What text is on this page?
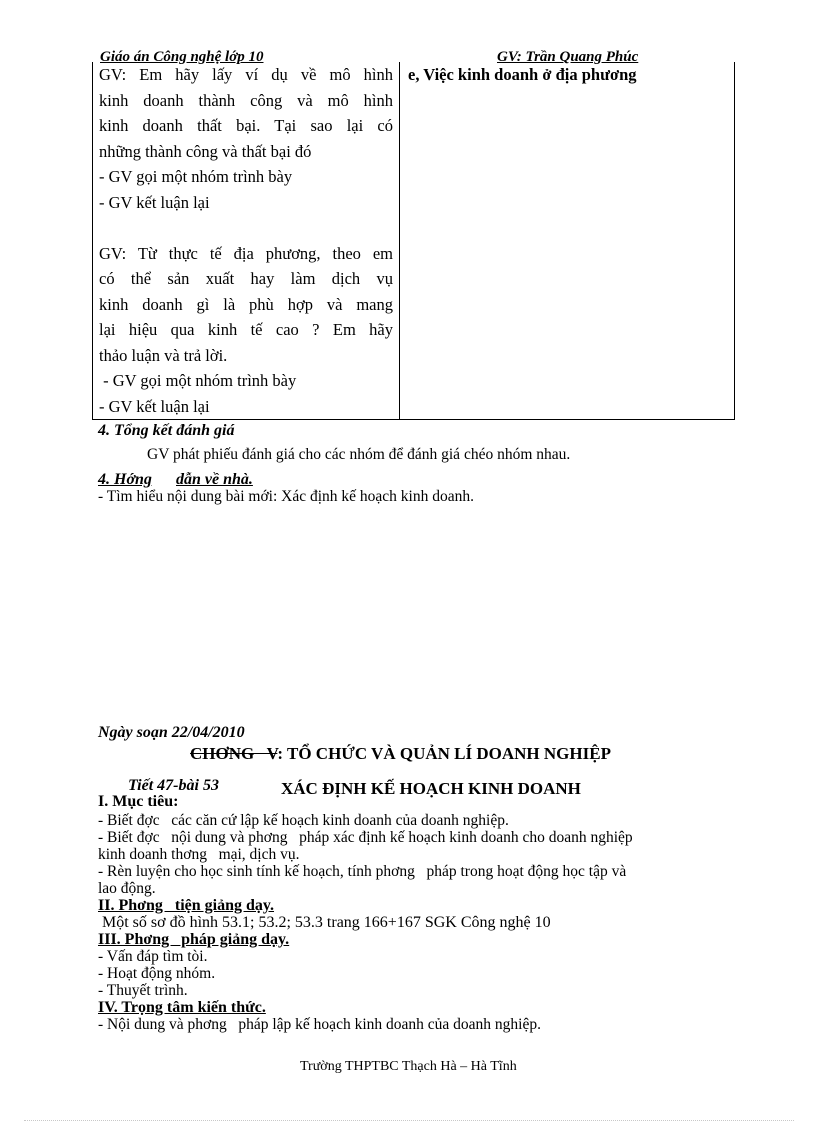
Giáo án Công nghệ lớp 10	GV: Trần Quang Phúc
GV: Em hãy lấy ví dụ về mô hình
kinh doanh thành công và mô hình
kinh doanh thất bại. Tại sao lại có
những thành công và thất bại đó
- GV gọi một nhóm trình bày
- GV kết luận lại
GV: Từ thực tế địa phương, theo em
có thể sản xuất hay làm dịch vụ
kinh doanh gì là phù hợp và mang
lại hiệu qua kinh tế cao ? Em hãy
thảo luận và trả lời.
- GV gọi một nhóm trình bày
- GV kết luận lại

e, Việc kinh doanh ở địa phương
4. Tổng kết đánh giá
GV phát phiếu đánh giá cho các nhóm để đánh giá chéo nhóm nhau.
4. Hớng dẫn về nhà.
- Tìm hiểu nội dung bài mới: Xác định kế hoạch kinh doanh.
Ngày soạn 22/04/2010
CHƠNG   V: TỔ CHỨC VÀ QUẢN LÍ DOANH NGHIỆP
Tiết 47-bài 53	XÁC ĐỊNH KẾ HOẠCH KINH DOANH
I. Mục tiêu:
- Biết đợc   các căn cứ lập kế hoạch kinh doanh của doanh nghiệp.
- Biết đợc   nội dung và phơng   pháp xác định kế hoạch kinh doanh cho doanh nghiệp
kinh doanh thơng   mại, dịch vụ.
- Rèn luyện cho học sinh tính kế hoạch, tính phơng   pháp trong hoạt động học tập và
lao động.
II. Phơng   tiện giảng dạy.
Một số sơ đồ hình 53.1; 53.2; 53.3 trang 166+167 SGK Công nghệ 10
III. Phơng   pháp giảng dạy.
- Vấn đáp tìm tòi.
- Hoạt động nhóm.
- Thuyết trình.
IV. Trọng tâm kiến thức.
- Nội dung và phơng   pháp lập kế hoạch kinh doanh của doanh nghiệp.
Trường THPTBC Thạch Hà – Hà Tĩnh
